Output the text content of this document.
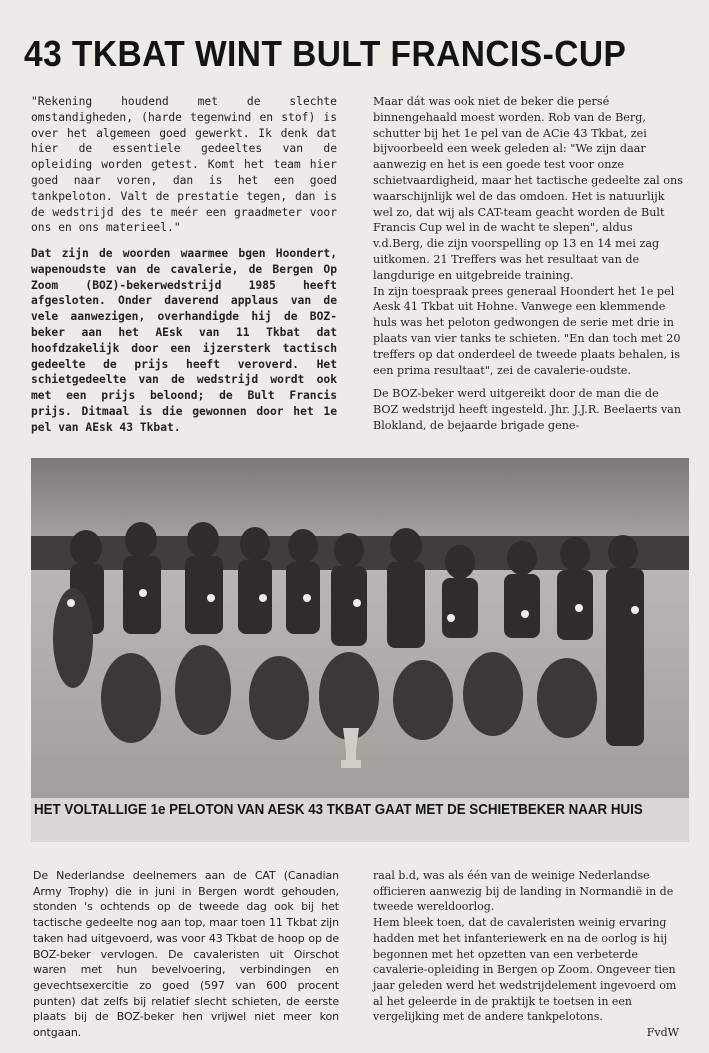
43 TKBAT WINT BULT FRANCIS-CUP

"Rekening houdend met de slechte omstandigheden, (harde tegenwind en stof) is over het algemeen goed gewerkt. Ik denk dat hier de essentiele gedeeltes van de opleiding worden getest. Komt het team hier goed naar voren, dan is het een goed tankpeloton. Valt de prestatie tegen, dan is de wedstrijd des te meér een graadmeter voor ons en ons materieel."

Dat zijn de woorden waarmee bgen Hoondert, wapenoudste van de cavalerie, de Bergen Op Zoom (BOZ)-bekerwedstrijd 1985 heeft afgesloten. Onder daverend applaus van de vele aanwezigen, overhandigde hij de BOZ-beker aan het AEsk van 11 Tkbat dat hoofdzakelijk door een ijzersterk tactisch gedeelte de prijs heeft veroverd. Het schietgedeelte van de wedstrijd wordt ook met een prijs beloond; de Bult Francis prijs. Ditmaal is die gewonnen door het 1e pel van AEsk 43 Tkbat.

Maar dát was ook niet de beker die persé binnengehaald moest worden. Rob van de Berg, schutter bij het 1e pel van de ACie 43 Tkbat, zei bijvoorbeeld een week geleden al: "We zijn daar aanwezig en het is een goede test voor onze schietvaardigheid, maar het tactische gedeelte zal ons waarschijnlijk wel de das omdoen. Het is natuurlijk wel zo, dat wij als CAT-team geacht worden de Bult Francis Cup wel in de wacht te slepen", aldus v.d.Berg, die zijn voorspelling op 13 en 14 mei zag uitkomen. 21 Treffers was het resultaat van de langdurige en uitgebreide training.

In zijn toespraak prees generaal Hoondert het 1e pel Aesk 41 Tkbat uit Hohne. Vanwege een klemmende huls was het peloton gedwongen de serie met drie in plaats van vier tanks te schieten. "En dan toch met 20 treffers op dat onderdeel de tweede plaats behalen, is een prima resultaat", zei de cavalerie-oudste.

De BOZ-beker werd uitgereikt door de man die de BOZ wedstrijd heeft ingesteld. Jhr. J.J.R. Beelaerts van Blokland, de bejaarde brigade gene-

HET VOLTALLIGE 1e PELOTON VAN AESK 43 TKBAT GAAT MET DE SCHIETBEKER NAAR HUIS

De Nederlandse deelnemers aan de CAT (Canadian Army Trophy) die in juni in Bergen wordt gehouden, stonden 's ochtends op de tweede dag ook bij het tactische gedeelte nog aan top, maar toen 11 Tkbat zijn taken had uitgevoerd, was voor 43 Tkbat de hoop op de BOZ-beker vervlogen. De cavaleristen uit Oirschot waren met hun bevelvoering, verbindingen en gevechtsexercitie zo goed (597 van 600 procent punten) dat zelfs bij relatief slecht schieten, de eerste plaats bij de BOZ-beker hen vrijwel niet meer kon ontgaan.

raal b.d, was als één van de weinige Nederlandse officieren aanwezig bij de landing in Normandië in de tweede wereldoorlog.

Hem bleek toen, dat de cavaleristen weinig ervaring hadden met het infanteriewerk en na de oorlog is hij begonnen met het opzetten van een verbeterde cavalerie-opleiding in Bergen op Zoom. Ongeveer tien jaar geleden werd het wedstrijdelement ingevoerd om al het geleerde in de praktijk te toetsen in een vergelijking met de andere tankpelotons.

FvdW
